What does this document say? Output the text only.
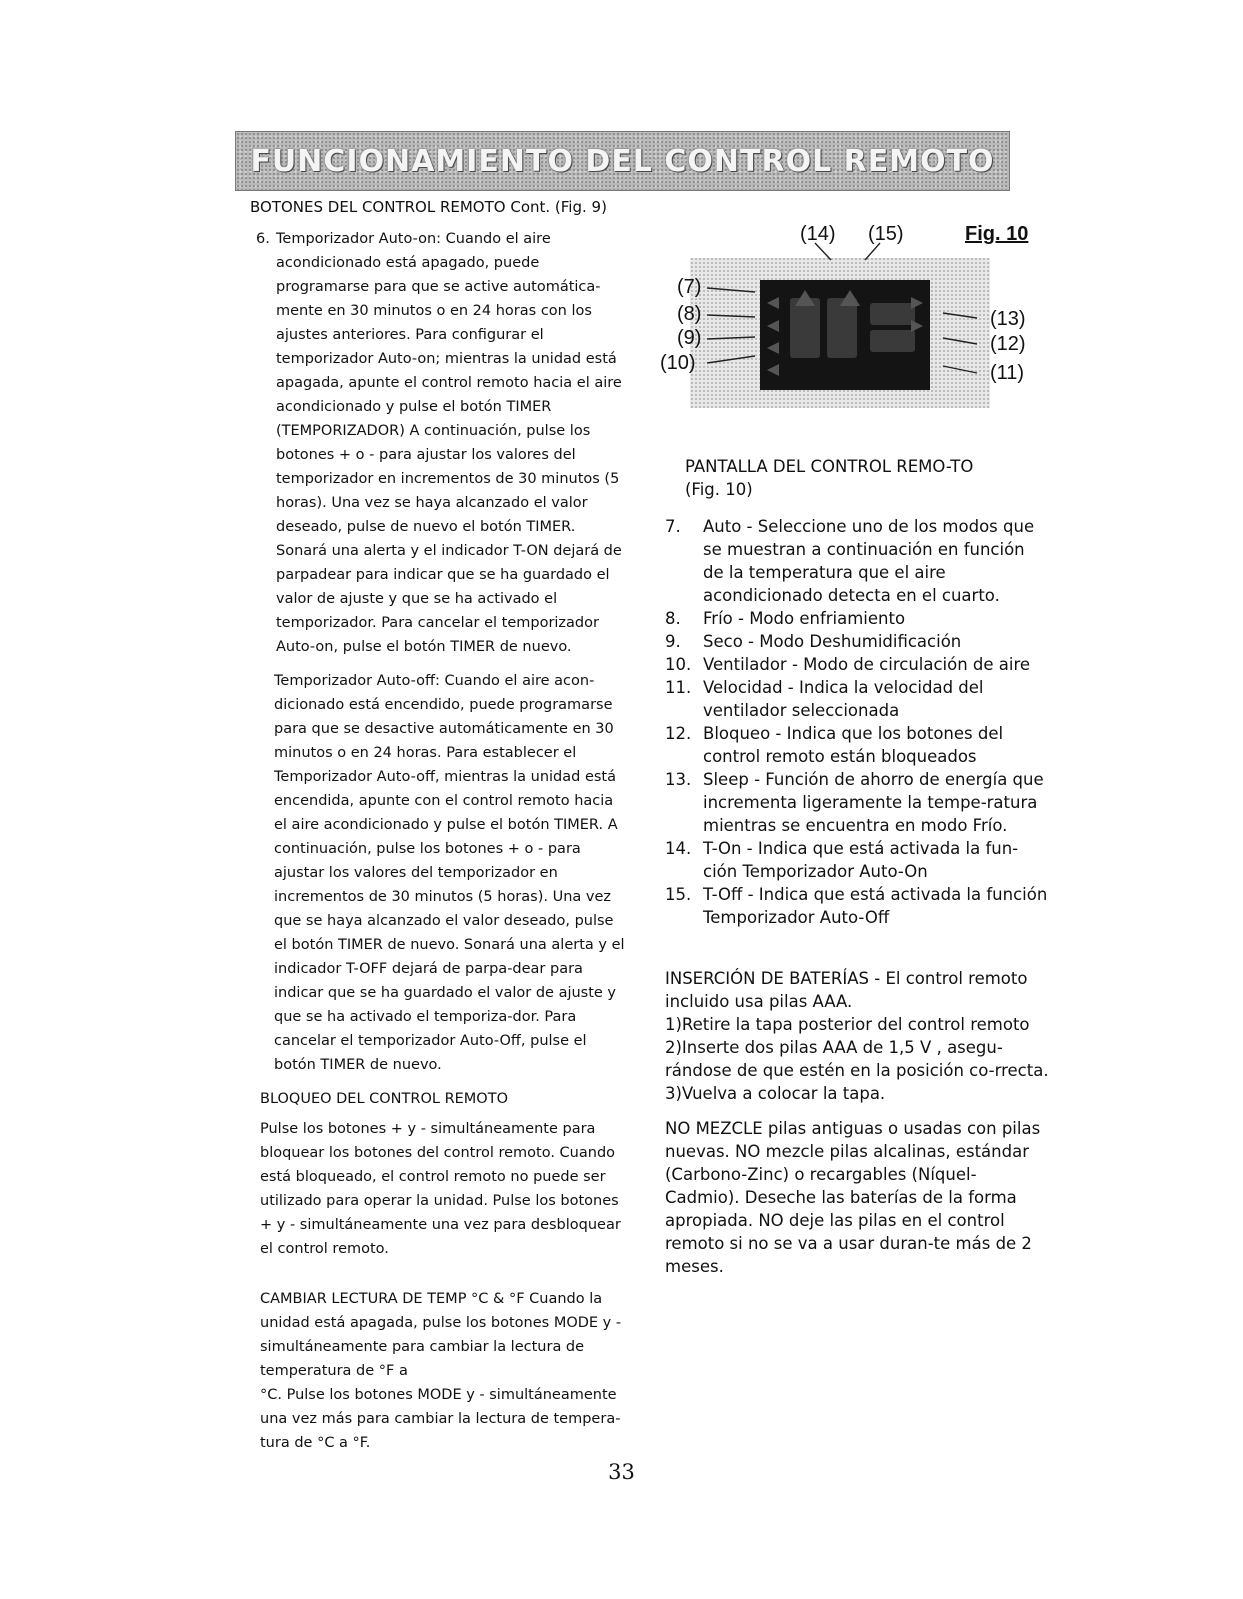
FUNCIONAMIENTO DEL CONTROL REMOTO

BOTONES DEL CONTROL REMOTO Cont. (Fig. 9)

6. Temporizador Auto-on: Cuando el aire acondicionado está apagado, puede programarse para que se active automática-mente en 30 minutos o en 24 horas con los ajustes anteriores. Para configurar el temporizador Auto-on; mientras la unidad está apagada, apunte el control remoto hacia el aire acondicionado y pulse el botón TIMER (TEMPORIZADOR) A continuación, pulse los botones + o - para ajustar los valores del temporizador en incrementos de 30 minutos (5 horas). Una vez se haya alcanzado el valor deseado, pulse de nuevo el botón TIMER. Sonará una alerta y el indicador T-ON dejará de parpadear para indicar que se ha guardado el valor de ajuste y que se ha activado el temporizador. Para cancelar el temporizador Auto-on, pulse el botón TIMER de nuevo.

Temporizador Auto-off: Cuando el aire acon-dicionado está encendido, puede programarse para que se desactive automáticamente en 30 minutos o en 24 horas. Para establecer el Temporizador Auto-off, mientras la unidad está encendida, apunte con el control remoto hacia el aire acondicionado y pulse el botón TIMER. A continuación, pulse los botones + o - para ajustar los valores del temporizador en incrementos de 30 minutos (5 horas). Una vez que se haya alcanzado el valor deseado, pulse el botón TIMER de nuevo. Sonará una alerta y el indicador T-OFF dejará de parpa-dear para indicar que se ha guardado el valor de ajuste y que se ha activado el temporiza-dor. Para cancelar el temporizador Auto-Off, pulse el botón TIMER de nuevo.

BLOQUEO DEL CONTROL REMOTO

Pulse los botones + y - simultáneamente para bloquear los botones del control remoto. Cuando está bloqueado, el control remoto no puede ser utilizado para operar la unidad. Pulse los botones + y - simultáneamente una vez para desbloquear el control remoto.

CAMBIAR LECTURA DE TEMP °C & °F Cuando la unidad está apagada, pulse los botones MODE y - simultáneamente para cambiar la lectura de temperatura de °F a

°C. Pulse los botones MODE y - simultáneamente una vez más para cambiar la lectura de tempera-tura de °C a °F.

Fig. 10
(14) (15)
(7)
(8)
(9)
(10)
(13)
(12)
(11)

PANTALLA DEL CONTROL REMO-TO (Fig. 10)

7.	Auto - Seleccione uno de los modos que se muestran a continuación en función de la temperatura que el aire acondicionado detecta en el cuarto.

8.	Frío - Modo enfriamiento

9.	Seco - Modo Deshumidificación

10. Ventilador - Modo de circulación de aire

11. Velocidad - Indica la velocidad del ventilador seleccionada

12. Bloqueo - Indica que los botones del control remoto están bloqueados

13. Sleep - Función de ahorro de energía que incrementa ligeramente la tempe-ratura mientras se encuentra en modo Frío.

14. T-On - Indica que está activada la fun-ción Temporizador Auto-On

15. T-Off - Indica que está activada la función Temporizador Auto-Off

INSERCIÓN DE BATERÍAS - El control remoto incluido usa pilas AAA.

1)Retire la tapa posterior del control remoto

2)Inserte dos pilas AAA de 1,5 V , asegu-rándose de que estén en la posición co-rrecta.

3)Vuelva a colocar la tapa.

NO MEZCLE pilas antiguas o usadas con pilas nuevas. NO mezcle pilas alcalinas, estándar (Carbono-Zinc) o recargables (Níquel-Cadmio). Deseche las baterías de la forma apropiada. NO deje las pilas en el control remoto si no se va a usar duran-te más de 2 meses.

33
